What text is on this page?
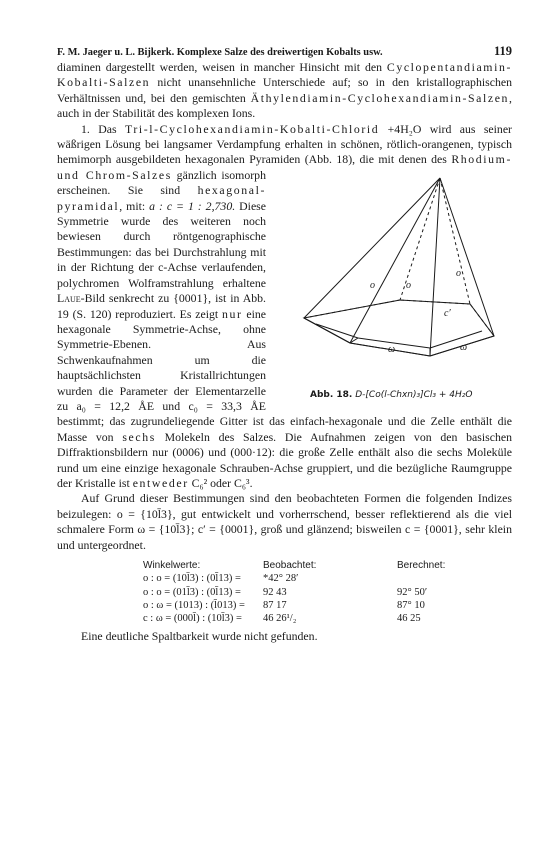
F. M. Jaeger u. L. Bijkerk. Komplexe Salze des dreiwertigen Kobalts usw.	119

diaminen dargestellt werden, weisen in mancher Hinsicht mit den Cyclopentandiamin-Kobalti-Salzen nicht unansehnliche Unterschiede auf; so in den kristallographischen Verhältnissen und, bei den gemischten Äthylendiamin-Cyclohexandiamin-Salzen, auch in der Stabilität des komplexen Ions.

1. Das Tri-l-Cyclohexandiamin-Kobalti-Chlorid +4H₂O wird aus seiner wäßrigen Lösung bei langsamer Verdampfung erhalten in schönen, rötlich-orangenen, typisch hemimorph ausgebildeten hexagonalen Pyramiden (Abb. 18), die mit denen des Rhodium-
o	o
o
c′
ω	ω
Abb. 18. D-[Co(l-Chxn)₃]Cl₃ + 4H₂O
und Chrom-Salzes gänzlich isomorph erscheinen. Sie sind hexagonal-pyramidal, mit: a : c = 1 : 2,730. Diese Symmetrie wurde des weiteren noch bewiesen durch röntgenographische Bestimmungen: das bei Durchstrahlung mit in der Richtung der c-Achse verlaufenden, polychromen Wolframstrahlung erhaltene Laue-Bild senkrecht zu {0001}, ist in Abb. 19 (S. 120) reproduziert. Es zeigt nur eine hexagonale Symmetrie-Achse, ohne Symmetrie-Ebenen. Aus Schwenkaufnahmen um die hauptsächlichsten Kristallrichtungen wurden die Parameter der Elementarzelle zu a₀ = 12,2 ÅE und c₀ = 33,3 ÅE bestimmt; das zugrundeliegende Gitter ist das einfach-hexagonale und die Zelle enthält die Masse von sechs Molekeln des Salzes. Die Aufnahmen zeigen von den basischen Diffraktionsbildern nur (0006) und (000·12): die große Zelle enthält also die sechs Moleküle rund um eine einzige hexagonale Schrauben-Achse gruppiert, und die bezügliche Raumgruppe der Kristalle ist entweder C₆² oder C₆³.

Auf Grund dieser Bestimmungen sind den beobachteten Formen die folgenden Indizes beizulegen: o = {10l̄3}, gut entwickelt und vorherrschend, besser reflektierend als die viel schmalere Form ω = {10l̄3}; c′ = {0001}, groß und glänzend; bisweilen c = {0001}, sehr klein und untergeordnet.

Winkelwerte:	Beobachtet:	Berechnet:
o : o = (10l̄3) : (0l̄13) =	*42° 28′
o : o = (01l̄3) : (0l̄13) =	92 43	92° 50′
o : ω = (1013) : (l̄013) =	87 17	87° 10
c : ω = (000l̄) : (10l̄3) =	46 26¹/₂	46 25

Eine deutliche Spaltbarkeit wurde nicht gefunden.
